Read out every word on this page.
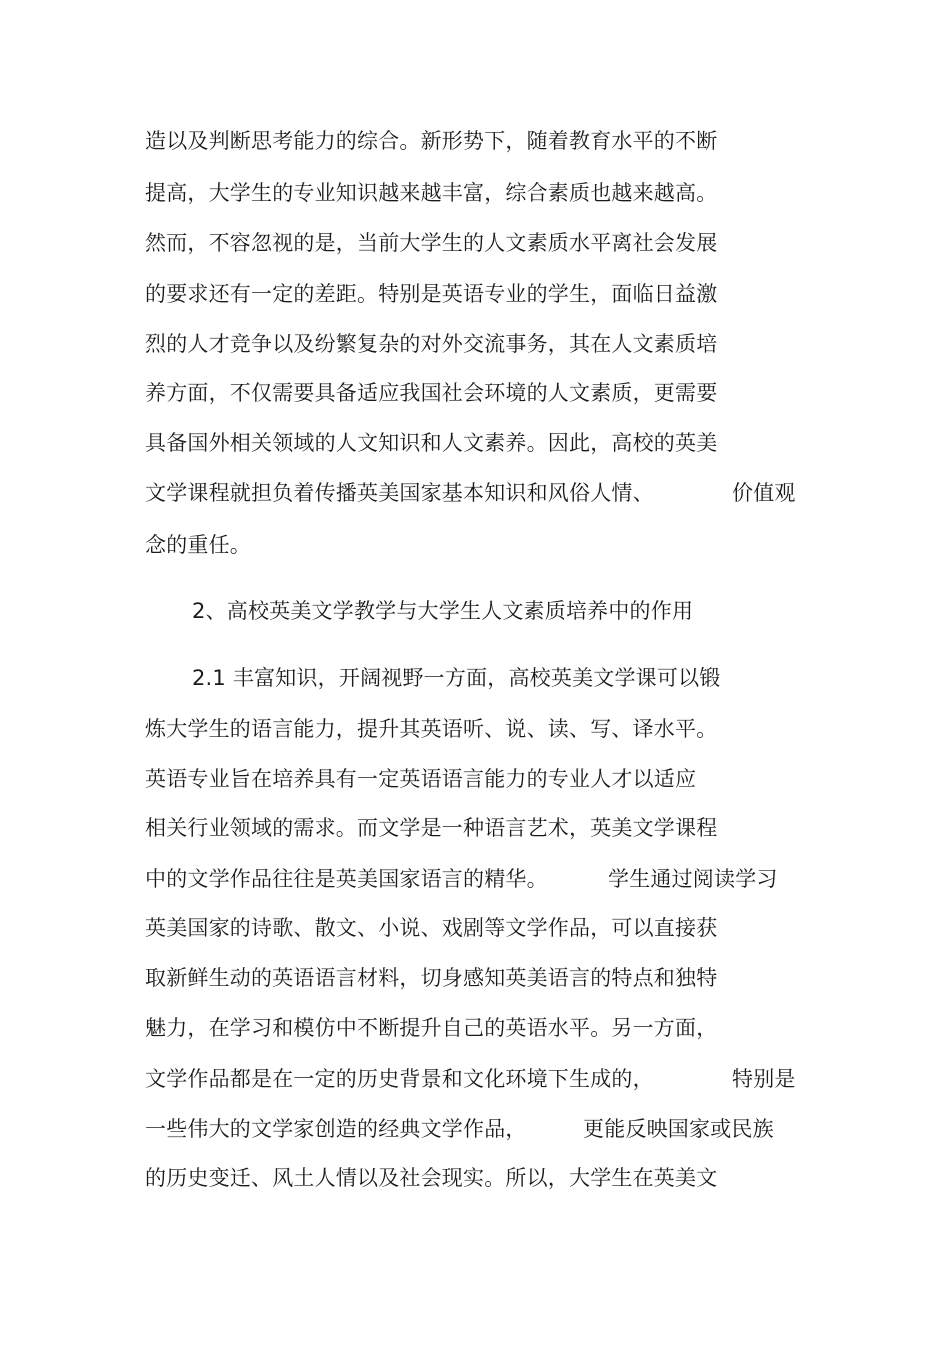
造以及判断思考能力的综合。新形势下，随着教育水平的不断
提高，大学生的专业知识越来越丰富，综合素质也越来越高。
然而，不容忽视的是，当前大学生的人文素质水平离社会发展
的要求还有一定的差距。特别是英语专业的学生，面临日益激
烈的人才竞争以及纷繁复杂的对外交流事务，其在人文素质培
养方面，不仅需要具备适应我国社会环境的人文素质，更需要
具备国外相关领域的人文知识和人文素养。因此，高校的英美
文学课程就担负着传播英美国家基本知识和风俗人情、	价值观
念的重任。
2、高校英美文学教学与大学生人文素质培养中的作用
2.1 丰富知识，开阔视野一方面，高校英美文学课可以锻
炼大学生的语言能力，提升其英语听、说、读、写、译水平。
英语专业旨在培养具有一定英语语言能力的专业人才以适应
相关行业领域的需求。而文学是一种语言艺术，英美文学课程
中的文学作品往往是英美国家语言的精华。	学生通过阅读学习
英美国家的诗歌、散文、小说、戏剧等文学作品，可以直接获
取新鲜生动的英语语言材料，切身感知英美语言的特点和独特
魅力，在学习和模仿中不断提升自己的英语水平。另一方面，
文学作品都是在一定的历史背景和文化环境下生成的，	特别是
一些伟大的文学家创造的经典文学作品，	更能反映国家或民族
的历史变迁、风土人情以及社会现实。所以，大学生在英美文
